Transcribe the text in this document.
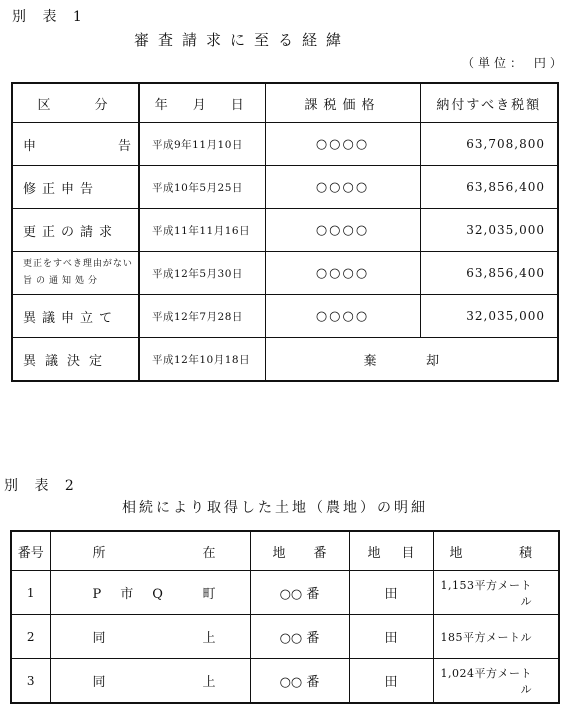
別 表 1
審査請求に至る経緯
（単位： 円）
区　　分	年　月　日	課税価格	納付すべき税額
申　　　　告	平成9年11月10日	○○○○	63,708,800
修正申告	平成10年5月25日	○○○○	63,856,400
更正の請求	平成11年11月16日	○○○○	32,035,000

更正をすべき理由がない
旨の通知処分	平成12年5月30日	○○○○	63,856,400
異議申立て	平成12年7月28日	○○○○	32,035,000
異議決定	平成12年10月18日	棄 却	
別 表 2
相続により取得した土地（農地）の明細
番号	所 在	地 番	地 目	地 積

1	P　市　Q 町	○○ 番	田	1,153平方メートル
2	同 上	○○ 番	田	185平方メートル
3	同 上	○○ 番	田	1,024平方メートル
